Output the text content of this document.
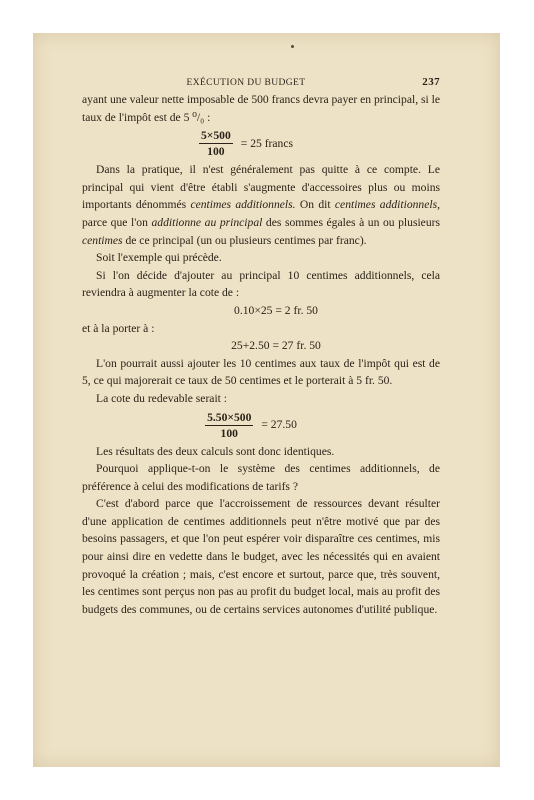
EXÉCUTION DU BUDGET	237

ayant une valeur nette imposable de 500 francs devra payer en principal, si le taux de l'impôt est de 5 ⁰/₀ :

$\frac{5\times 500}{100} = 25$ francs

Dans la pratique, il n'est généralement pas quitte à ce compte. Le principal qui vient d'être établi s'augmente d'accessoires plus ou moins importants dénommés centimes additionnels. On dit centimes additionnels, parce que l'on additionne au principal des sommes égales à un ou plusieurs centimes de ce principal (un ou plusieurs centimes par franc).

Soit l'exemple qui précède.

Si l'on décide d'ajouter au principal 10 centimes additionnels, cela reviendra à augmenter la cote de :

0.10×25 = 2 fr. 50

et à la porter à :

25+2.50 = 27 fr. 50

L'on pourrait aussi ajouter les 10 centimes aux taux de l'impôt qui est de 5, ce qui majorerait ce taux de 50 centimes et le porterait à 5 fr. 50.

La cote du redevable serait :

$\frac{5.50\times 500}{100} = 27.50$

Les résultats des deux calculs sont donc identiques.

Pourquoi applique-t-on le système des centimes additionnels, de préférence à celui des modifications de tarifs ?

C'est d'abord parce que l'accroissement de ressources devant résulter d'une application de centimes additionnels peut n'être motivé que par des besoins passagers, et que l'on peut espérer voir disparaître ces centimes, mis pour ainsi dire en vedette dans le budget, avec les nécessités qui en avaient provoqué la création ; mais, c'est encore et surtout, parce que, très souvent, les centimes sont perçus non pas au profit du budget local, mais au profit des budgets des communes, ou de certains services autonomes d'utilité publique.
